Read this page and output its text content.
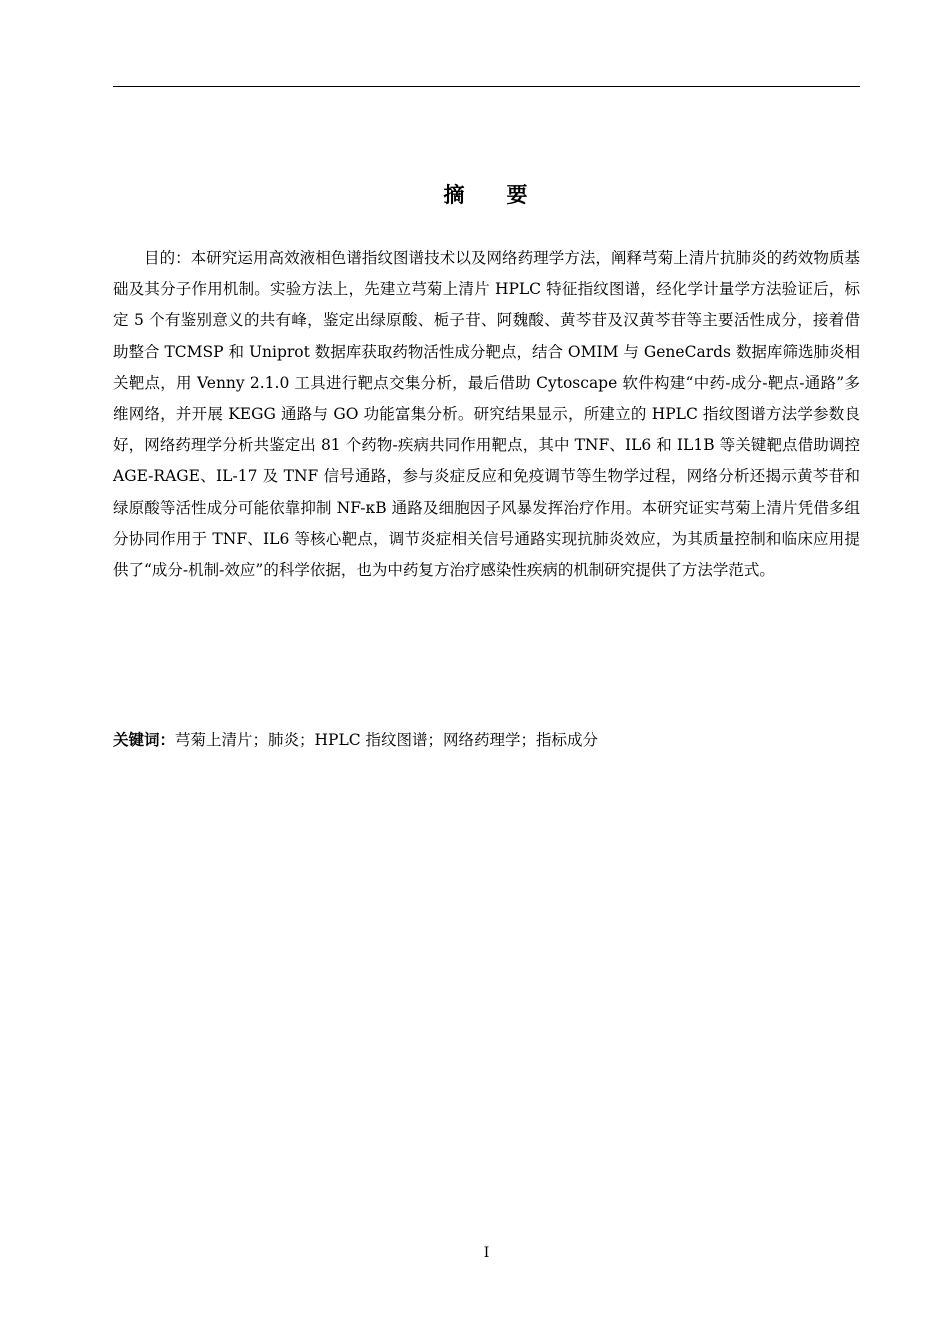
摘 要

目的：本研究运用高效液相色谱指纹图谱技术以及网络药理学方法，阐释芎菊上清片抗肺炎的药效物质基础及其分子作用机制。实验方法上，先建立芎菊上清片 HPLC 特征指纹图谱，经化学计量学方法验证后，标定 5 个有鉴别意义的共有峰，鉴定出绿原酸、栀子苷、阿魏酸、黄芩苷及汉黄芩苷等主要活性成分，接着借助整合 TCMSP 和 Uniprot 数据库获取药物活性成分靶点，结合 OMIM 与 GeneCards 数据库筛选肺炎相关靶点，用 Venny 2.1.0 工具进行靶点交集分析，最后借助 Cytoscape 软件构建“中药-成分-靶点-通路”多维网络，并开展 KEGG 通路与 GO 功能富集分析。研究结果显示，所建立的 HPLC 指纹图谱方法学参数良好，网络药理学分析共鉴定出 81 个药物-疾病共同作用靶点，其中 TNF、IL6 和 IL1B 等关键靶点借助调控 AGE-RAGE、IL-17 及 TNF 信号通路，参与炎症反应和免疫调节等生物学过程，网络分析还揭示黄芩苷和绿原酸等活性成分可能依靠抑制 NF-κB 通路及细胞因子风暴发挥治疗作用。本研究证实芎菊上清片凭借多组分协同作用于 TNF、IL6 等核心靶点，调节炎症相关信号通路实现抗肺炎效应，为其质量控制和临床应用提供了“成分-机制-效应”的科学依据，也为中药复方治疗感染性疾病的机制研究提供了方法学范式。

关键词：芎菊上清片；肺炎；HPLC 指纹图谱；网络药理学；指标成分

I
